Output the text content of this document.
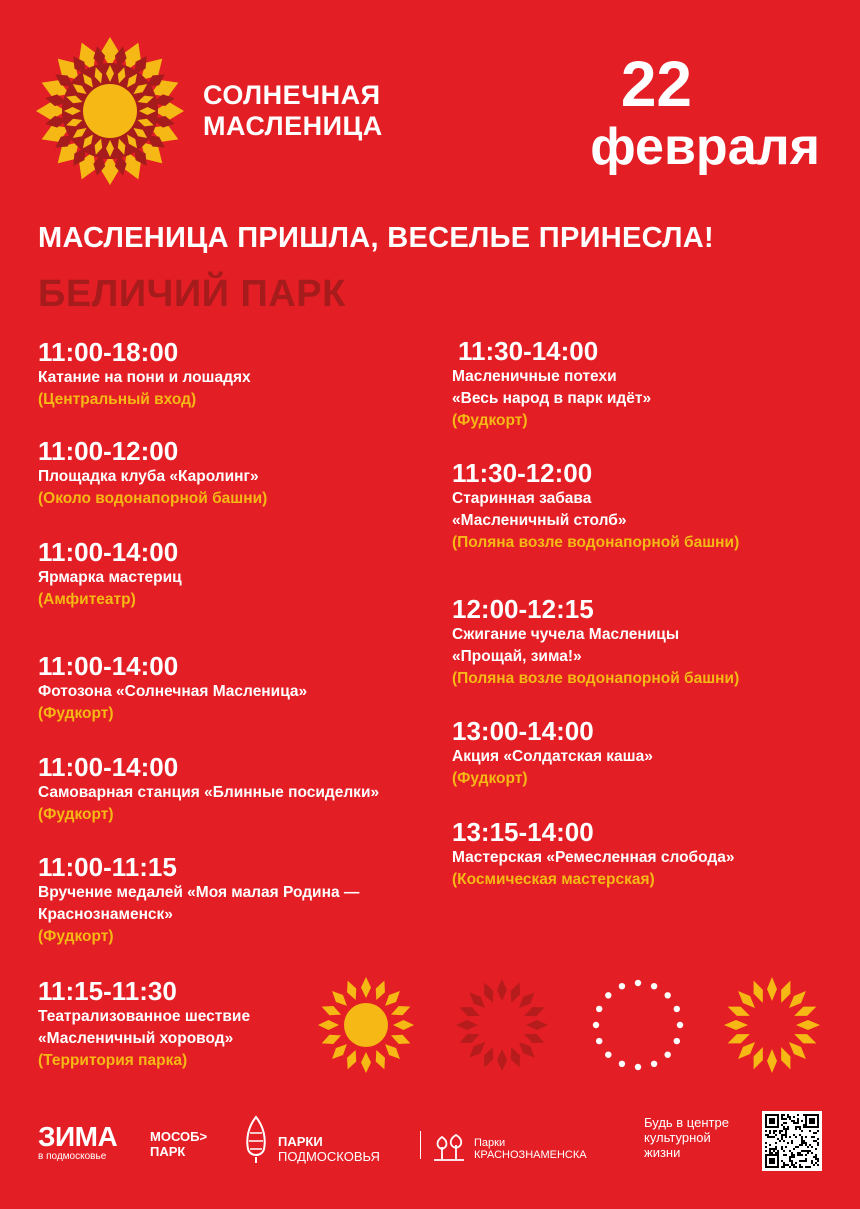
СОЛНЕЧНАЯ
МАСЛЕНИЦА
22
февраля
МАСЛЕНИЦА ПРИШЛА, ВЕСЕЛЬЕ ПРИНЕСЛА!
БЕЛИЧИЙ ПАРК
11:00-18:00
Катание на пони и лошадях
(Центральный вход)
11:00-12:00
Площадка клуба «Каролинг»
(Около водонапорной башни)
11:00-14:00
Ярмарка мастериц
(Амфитеатр)
11:00-14:00
Фотозона «Солнечная Масленица»
(Фудкорт)
11:00-14:00
Самоварная станция «Блинные посиделки»
(Фудкорт)
11:00-11:15
Вручение медалей «Моя малая Родина —
Краснознаменск»
(Фудкорт)
11:15-11:30
Театрализованное шествие
«Масленичный хоровод»
(Территория парка)
11:30-14:00
Масленичные потехи
«Весь народ в парк идёт»
(Фудкорт)
11:30-12:00
Старинная забава
«Масленичный столб»
(Поляна возле водонапорной башни)
12:00-12:15
Сжигание чучела Масленицы
«Прощай, зима!»
(Поляна возле водонапорной башни)
13:00-14:00
Акция «Солдатская каша»
(Фудкорт)
13:15-14:00
Мастерская «Ремесленная слобода»
(Космическая мастерская)
ЗИМА
в подмосковье
МОСОБ>
ПАРК
ПАРКИ
ПОДМОСКОВЬЯ
Парки
КРАСНОЗНАМЕНСКА
Будь в центре
культурной
жизни
